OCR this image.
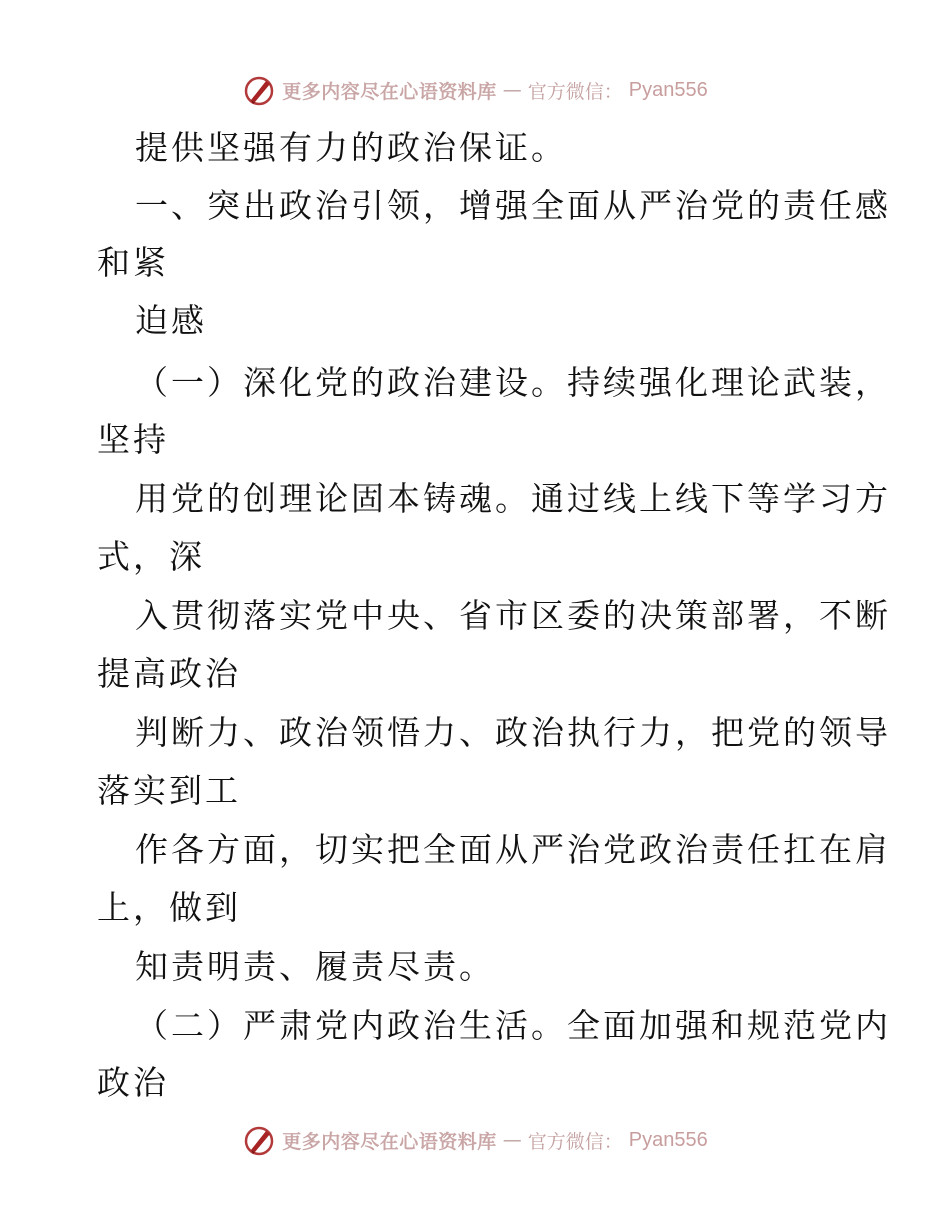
更多内容尽在心语资料库 — 官方微信： Pyan556
提供坚强有力的政治保证。
一、突出政治引领，增强全面从严治党的责任感
和紧
迫感
（一）深化党的政治建设。持续强化理论武装，
坚持
用党的创理论固本铸魂。通过线上线下等学习方
式，深
入贯彻落实党中央、省市区委的决策部署，不断
提高政治
判断力、政治领悟力、政治执行力，把党的领导
落实到工
作各方面，切实把全面从严治党政治责任扛在肩
上，做到
知责明责、履责尽责。
（二）严肃党内政治生活。全面加强和规范党内
政治
更多内容尽在心语资料库 — 官方微信： Pyan556
